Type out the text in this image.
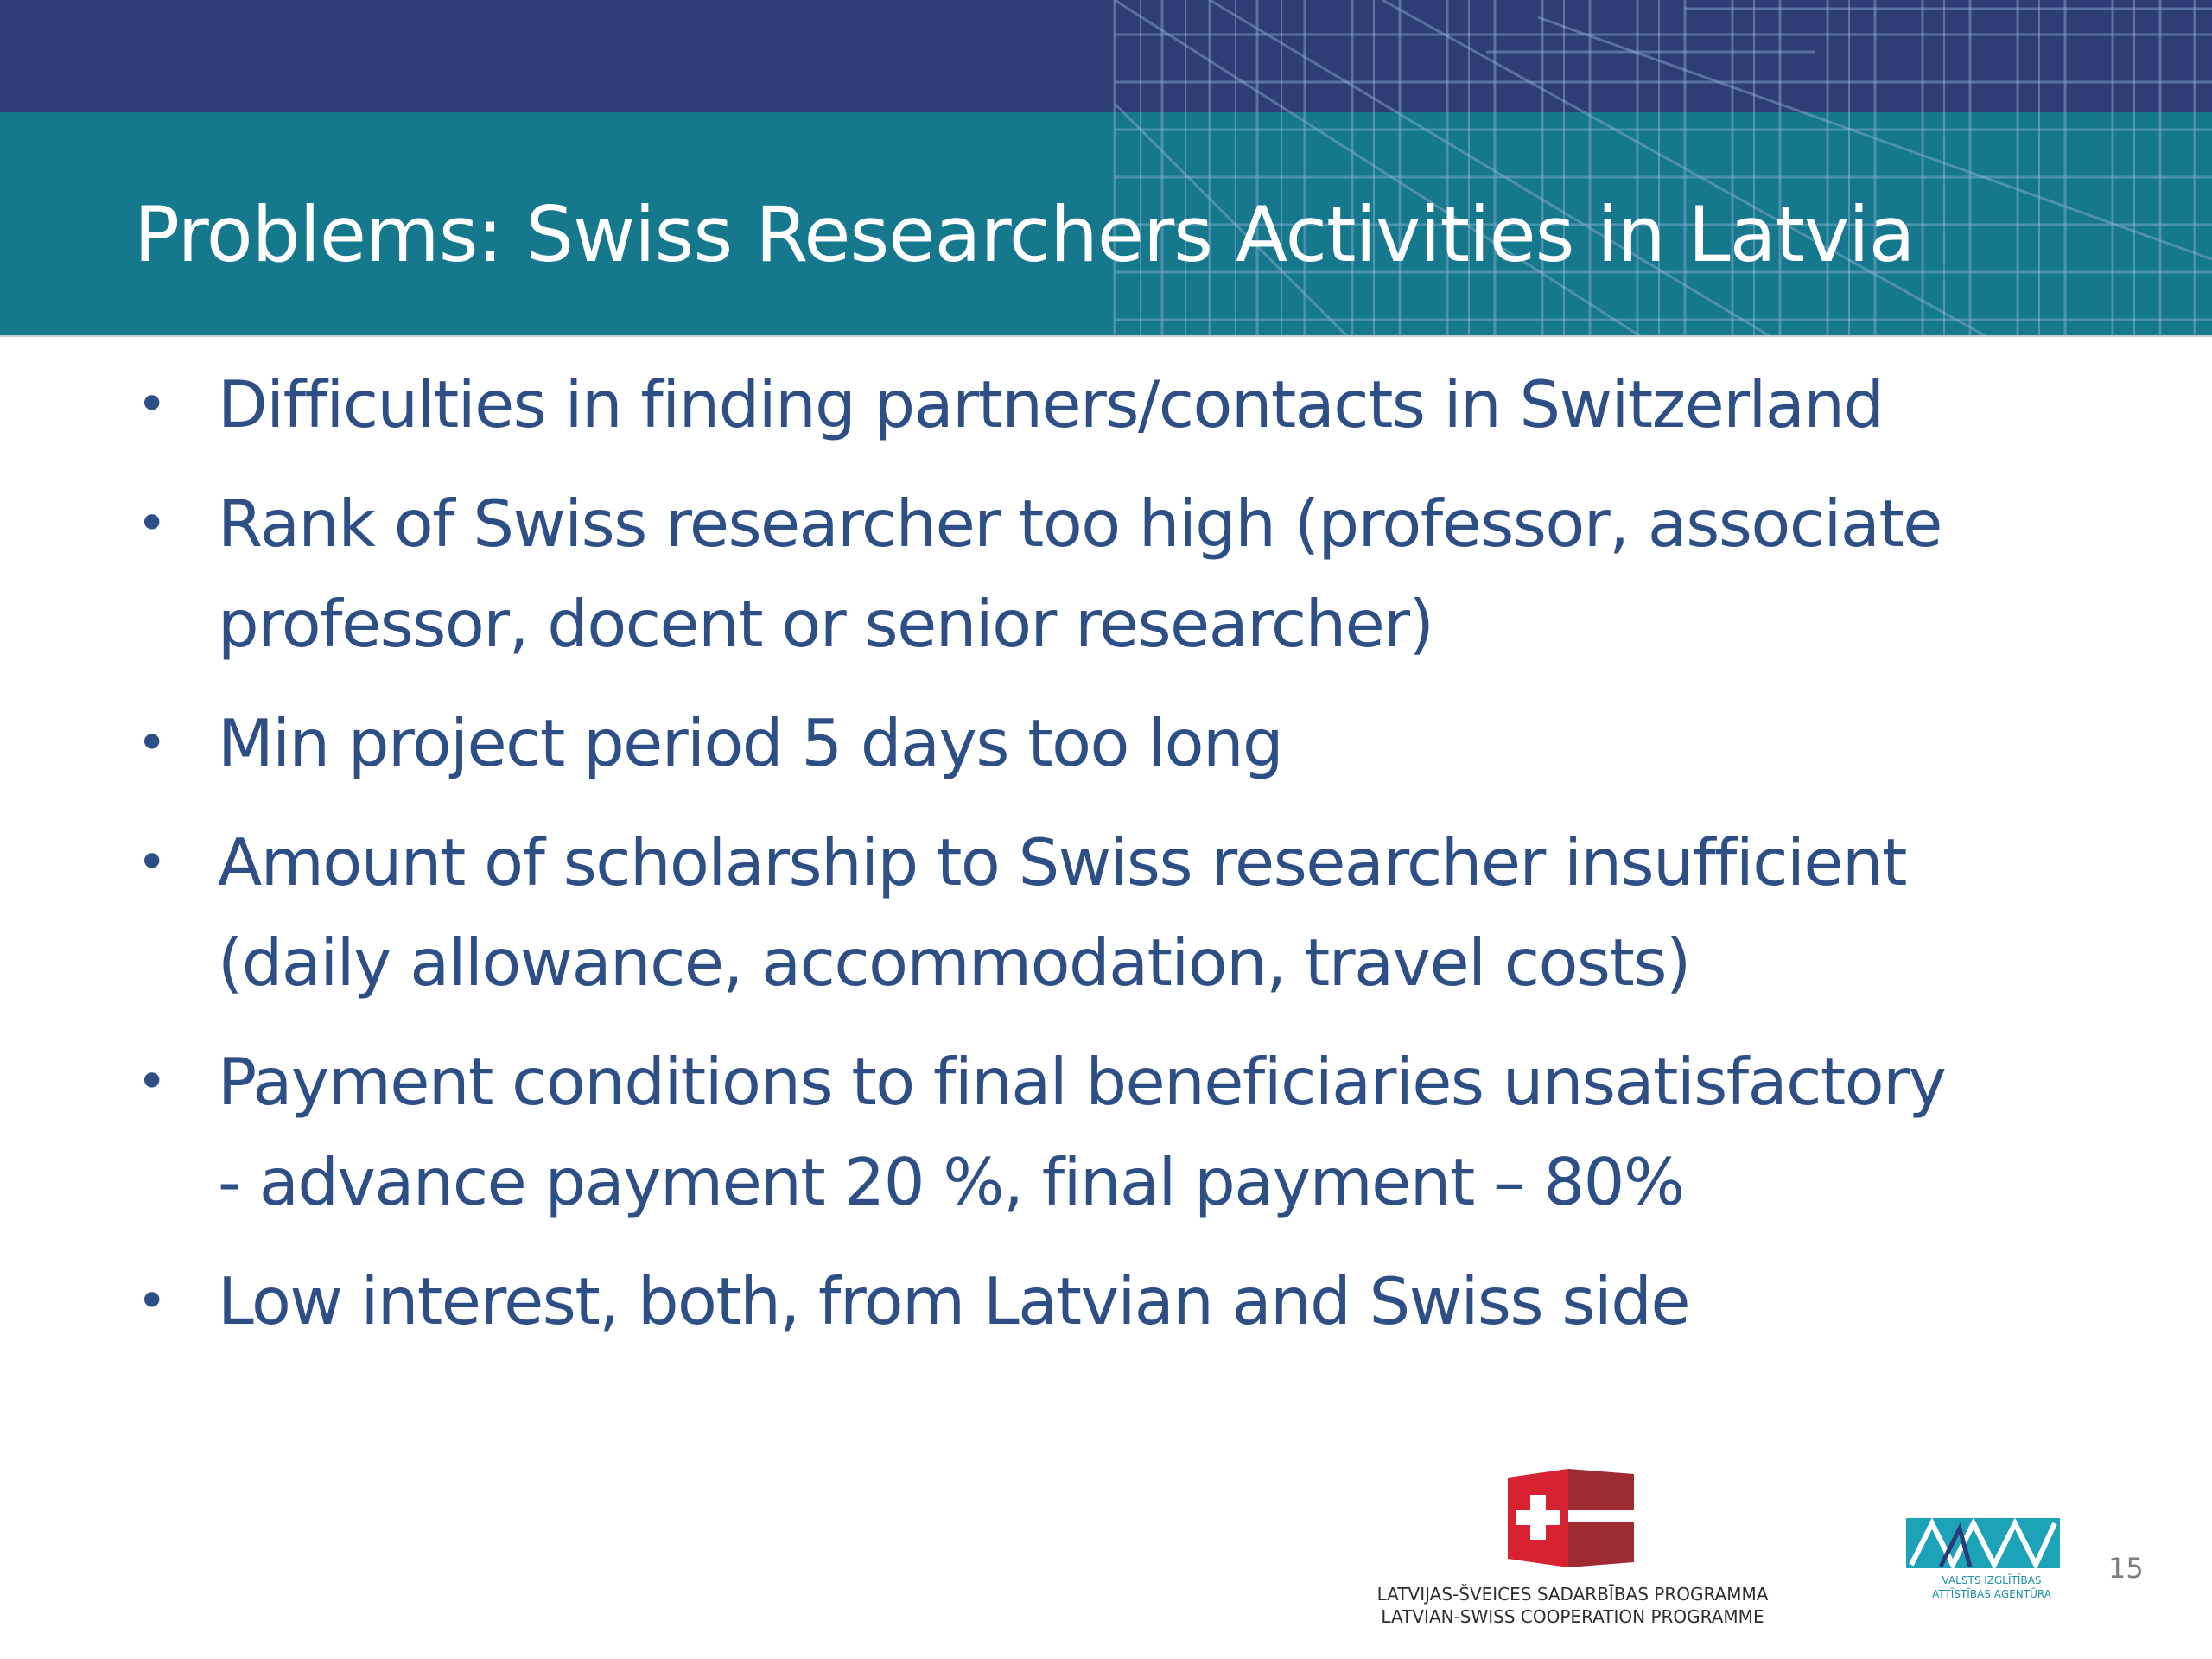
Problems: Swiss Researchers Activities in Latvia
• Difficulties in finding partners/contacts in Switzerland
• Rank of Swiss researcher too high (professor, associate
professor, docent or senior researcher)
• Min project period 5 days too long
• Amount of scholarship to Swiss researcher insufficient
(daily allowance, accommodation, travel costs)
• Payment conditions to final beneficiaries unsatisfactory
- advance payment 20 %, final payment – 80%
• Low interest, both, from Latvian and Swiss side
LATVIJAS-ŠVEICES SADARBĪBAS PROGRAMMA
LATVIAN-SWISS COOPERATION PROGRAMME
VALSTS IZGLĪTĪBAS
ATTĪSTĪBAS AĢENTŪRA
15
